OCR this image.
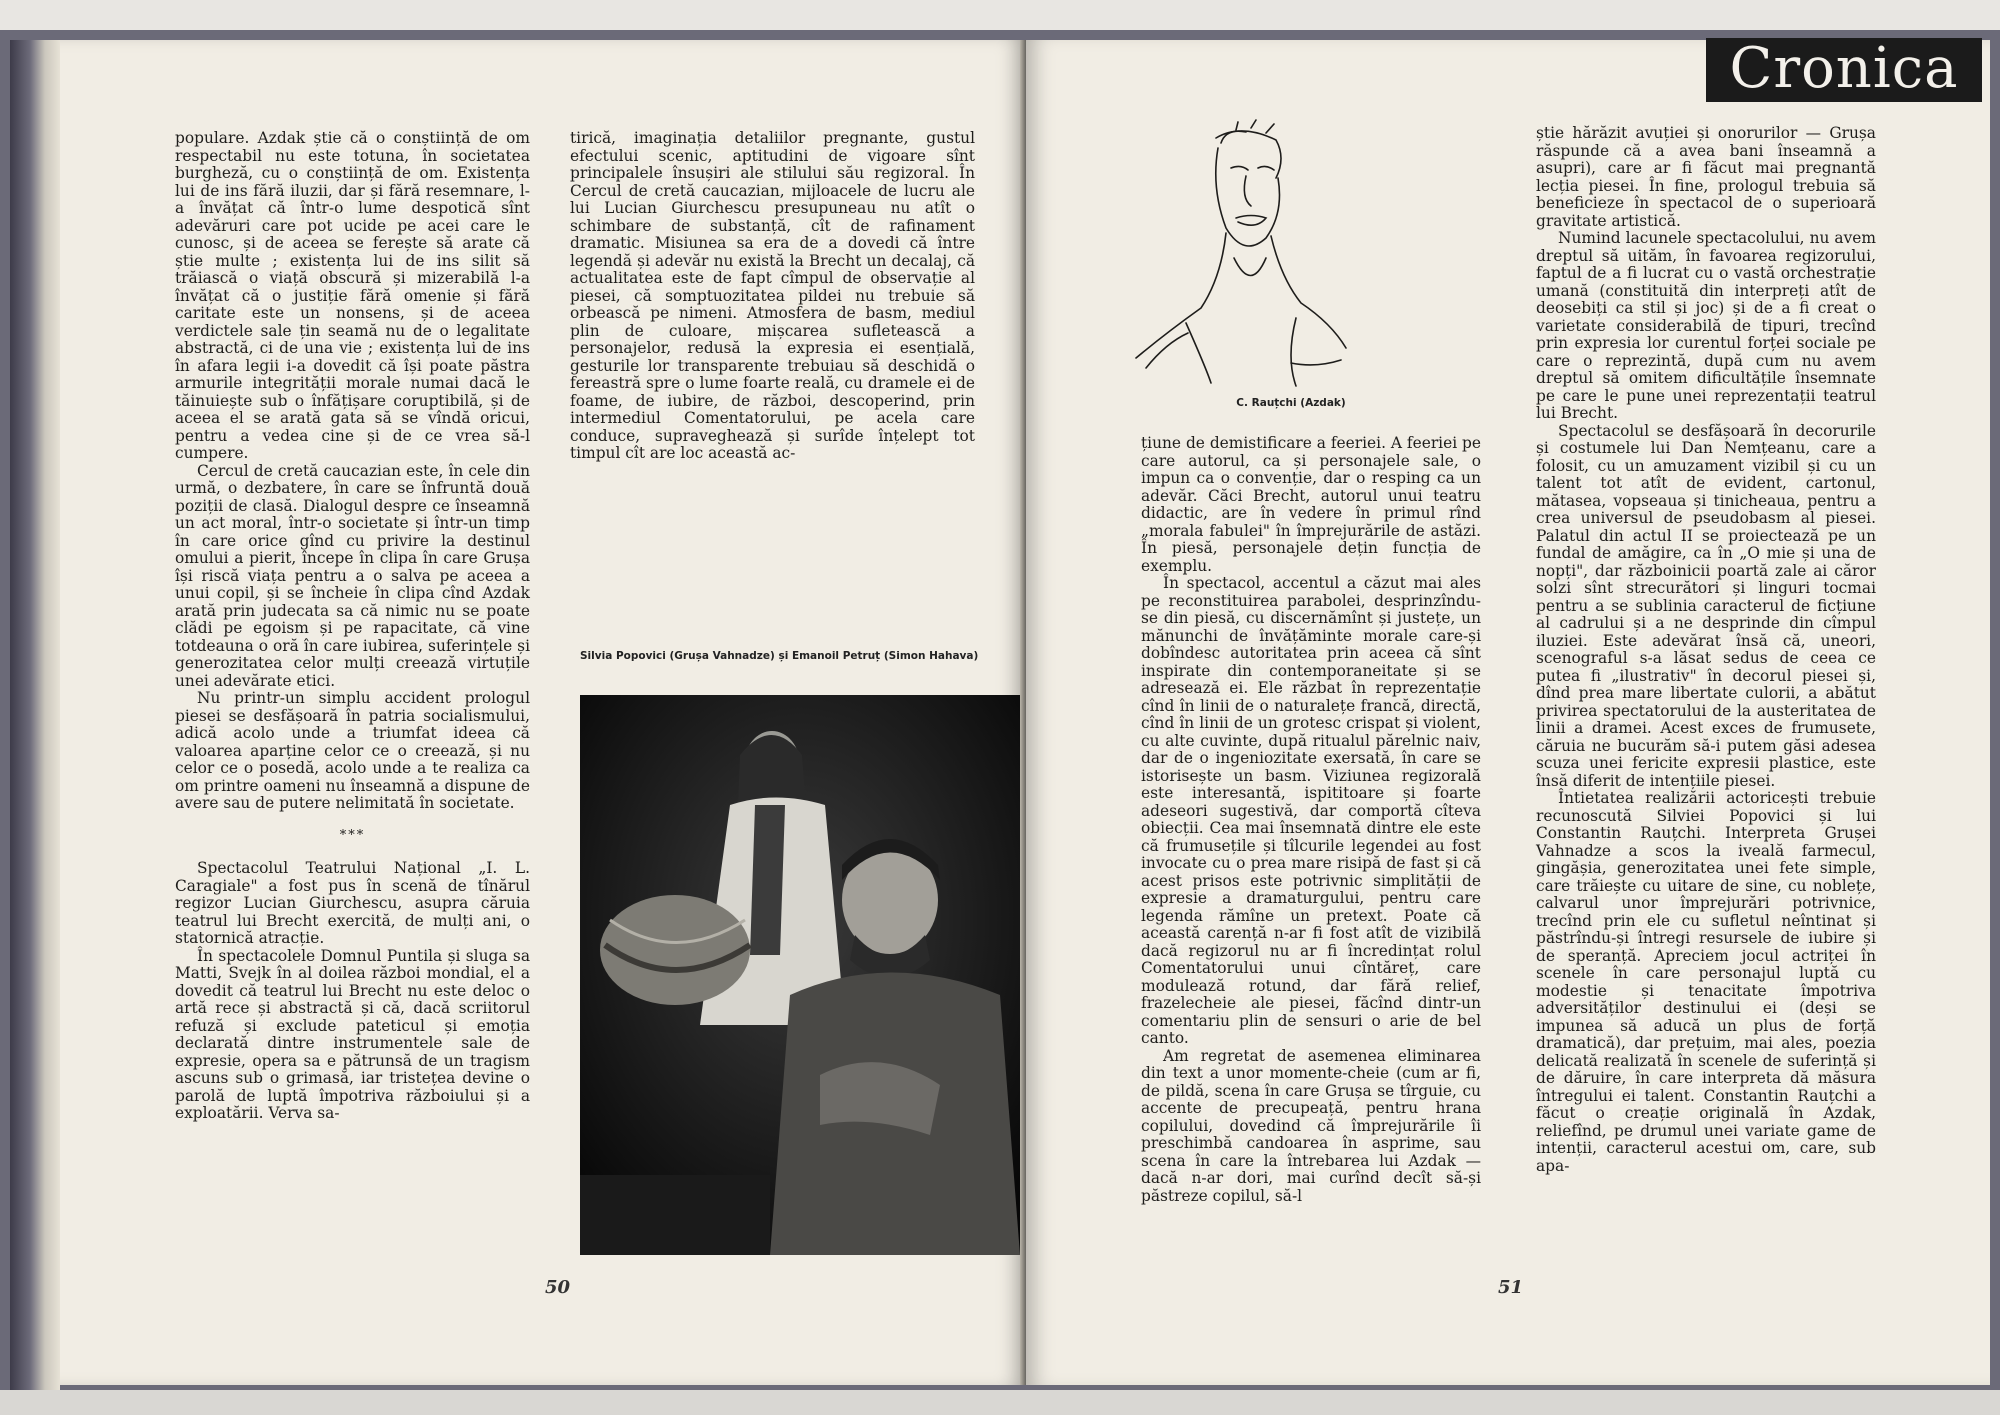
populare. Azdak știe că o conștiință de om respectabil nu este totuna, în societatea burgheză, cu o conștiință de om. Existența lui de ins fără iluzii, dar și fără resemnare, l-a învățat că într-o lume despotică sînt adevăruri care pot ucide pe acei care le cunosc, și de aceea se ferește să arate că știe multe ; existența lui de ins silit să trăiască o viață obscură și mizerabilă l-a învățat că o justiție fără omenie și fără caritate este un nonsens, și de aceea verdictele sale țin seamă nu de o legalitate abstractă, ci de una vie ; existența lui de ins în afara legii i-a dovedit că își poate păstra armurile integrității morale numai dacă le tăinuiește sub o înfățișare coruptibilă, și de aceea el se arată gata să se vîndă oricui, pentru a vedea cine și de ce vrea să-l cumpere.

Cercul de cretă caucazian este, în cele din urmă, o dezbatere, în care se înfruntă două poziții de clasă. Dialogul despre ce înseamnă un act moral, într-o societate și într-un timp în care orice gînd cu privire la destinul omului a pierit, începe în clipa în care Grușa își riscă viața pentru a o salva pe aceea a unui copil, și se încheie în clipa cînd Azdak arată prin judecata sa că nimic nu se poate clădi pe egoism și pe rapacitate, că vine totdeauna o oră în care iubirea, suferințele și generozitatea celor mulți creează virtuțile unei adevărate etici.

Nu printr-un simplu accident prologul piesei se desfășoară în patria socialismului, adică acolo unde a triumfat ideea că valoarea aparține celor ce o creează, și nu celor ce o posedă, acolo unde a te realiza ca om printre oameni nu înseamnă a dispune de avere sau de putere nelimitată în societate.

***

Spectacolul Teatrului Național „I. L. Caragiale" a fost pus în scenă de tînărul regizor Lucian Giurchescu, asupra căruia teatrul lui Brecht exercită, de mulți ani, o statornică atracție.

În spectacolele Domnul Puntila și sluga sa Matti, Svejk în al doilea război mondial, el a dovedit că teatrul lui Brecht nu este deloc o artă rece și abstractă și că, dacă scriitorul refuză și exclude pateticul și emoția declarată dintre instrumentele sale de expresie, opera sa e pătrunsă de un tragism ascuns sub o grimasă, iar tristețea devine o parolă de luptă împotriva războiului și a exploatării. Verva sa-

tirică, imaginația detaliilor pregnante, gustul efectului scenic, aptitudini de vigoare sînt principalele însușiri ale stilului său regizoral. În Cercul de cretă caucazian, mijloacele de lucru ale lui Lucian Giurchescu presupuneau nu atît o schimbare de substanță, cît de rafinament dramatic. Misiunea sa era de a dovedi că între legendă și adevăr nu există la Brecht un decalaj, că actualitatea este de fapt cîmpul de observație al piesei, că somptuozitatea pildei nu trebuie să orbească pe nimeni. Atmosfera de basm, mediul plin de culoare, mișcarea sufletească a personajelor, redusă la expresia ei esențială, gesturile lor transparente trebuiau să deschidă o fereastră spre o lume foarte reală, cu dramele ei de foame, de iubire, de război, descoperind, prin intermediul Comentatorului, pe acela care conduce, supraveghează și surîde înțelept tot timpul cît are loc această ac-

Silvia Popovici (Grușa Vahnadze) și Emanoil Petruț (Simon Hahava)
50
C. Rauțchi (Azdak)

țiune de demistificare a feeriei. A feeriei pe care autorul, ca și personajele sale, o impun ca o convenție, dar o resping ca un adevăr. Căci Brecht, autorul unui teatru didactic, are în vedere în primul rînd „morala fabulei" în împrejurările de astăzi. În piesă, personajele dețin funcția de exemplu.

În spectacol, accentul a căzut mai ales pe reconstituirea parabolei, desprinzîndu-se din piesă, cu discernămînt și justețe, un mănunchi de învățăminte morale care-și dobîndesc autoritatea prin aceea că sînt inspirate din contemporaneitate și se adresează ei. Ele răzbat în reprezentație cînd în linii de o naturalețe francă, directă, cînd în linii de un grotesc crispat și violent, cu alte cuvinte, după ritualul părelnic naiv, dar de o ingeniozitate exersată, în care se istorisește un basm. Viziunea regizorală este interesantă, ispititoare și foarte adeseori sugestivă, dar comportă cîteva obiecții. Cea mai însemnată dintre ele este că frumusețile și tîlcurile legendei au fost invocate cu o prea mare risipă de fast și că acest prisos este potrivnic simplității de expresie a dramaturgului, pentru care legenda rămîne un pretext. Poate că această carență n-ar fi fost atît de vizibilă dacă regizorul nu ar fi încredințat rolul Comentatorului unui cîntăreț, care modulează rotund, dar fără relief, frazelecheie ale piesei, făcînd dintr-un comentariu plin de sensuri o arie de bel canto.

Am regretat de asemenea eliminarea din text a unor momente-cheie (cum ar fi, de pildă, scena în care Grușa se tîrguie, cu accente de precupeață, pentru hrana copilului, dovedind că împrejurările îi preschimbă candoarea în asprime, sau scena în care la întrebarea lui Azdak — dacă n-ar dori, mai curînd decît să-și păstreze copilul, să-l

știe hărăzit avuției și onorurilor — Grușa răspunde că a avea bani înseamnă a asupri), care ar fi făcut mai pregnantă lecția piesei. În fine, prologul trebuia să beneficieze în spectacol de o superioară gravitate artistică.

Numind lacunele spectacolului, nu avem dreptul să uităm, în favoarea regizorului, faptul de a fi lucrat cu o vastă orchestrație umană (constituită din interpreți atît de deosebiți ca stil și joc) și de a fi creat o varietate considerabilă de tipuri, trecînd prin expresia lor curentul forței sociale pe care o reprezintă, după cum nu avem dreptul să omitem dificultățile însemnate pe care le pune unei reprezentații teatrul lui Brecht.

Spectacolul se desfășoară în decorurile și costumele lui Dan Nemțeanu, care a folosit, cu un amuzament vizibil și cu un talent tot atît de evident, cartonul, mătasea, vopseaua și tinicheaua, pentru a crea universul de pseudobasm al piesei. Palatul din actul II se proiectează pe un fundal de amăgire, ca în „O mie și una de nopți", dar războinicii poartă zale ai căror solzi sînt strecurători și linguri tocmai pentru a se sublinia caracterul de ficțiune al cadrului și a ne desprinde din cîmpul iluziei. Este adevărat însă că, uneori, scenograful s-a lăsat sedus de ceea ce putea fi „ilustrativ" în decorul piesei și, dînd prea mare libertate culorii, a abătut privirea spectatorului de la austeritatea de linii a dramei. Acest exces de frumusete, căruia ne bucurăm să-i putem găsi adesea scuza unei fericite expresii plastice, este însă diferit de intențiile piesei.

Întietatea realizării actoricești trebuie recunoscută Silviei Popovici și lui Constantin Rauțchi. Interpreta Grușei Vahnadze a scos la iveală farmecul, gingășia, generozitatea unei fete simple, care trăiește cu uitare de sine, cu noblețe, calvarul unor împrejurări potrivnice, trecînd prin ele cu sufletul neîntinat și păstrîndu-și întregi resursele de iubire și de speranță. Apreciem jocul actriței în scenele în care personajul luptă cu modestie și tenacitate împotriva adversităților destinului ei (deși se impunea să aducă un plus de forță dramatică), dar prețuim, mai ales, poezia delicată realizată în scenele de suferință și de dăruire, în care interpreta dă măsura întregului ei talent. Constantin Rauțchi a făcut o creație originală în Azdak, reliefînd, pe drumul unei variate game de intenții, caracterul acestui om, care, sub apa-

51
Cronica
